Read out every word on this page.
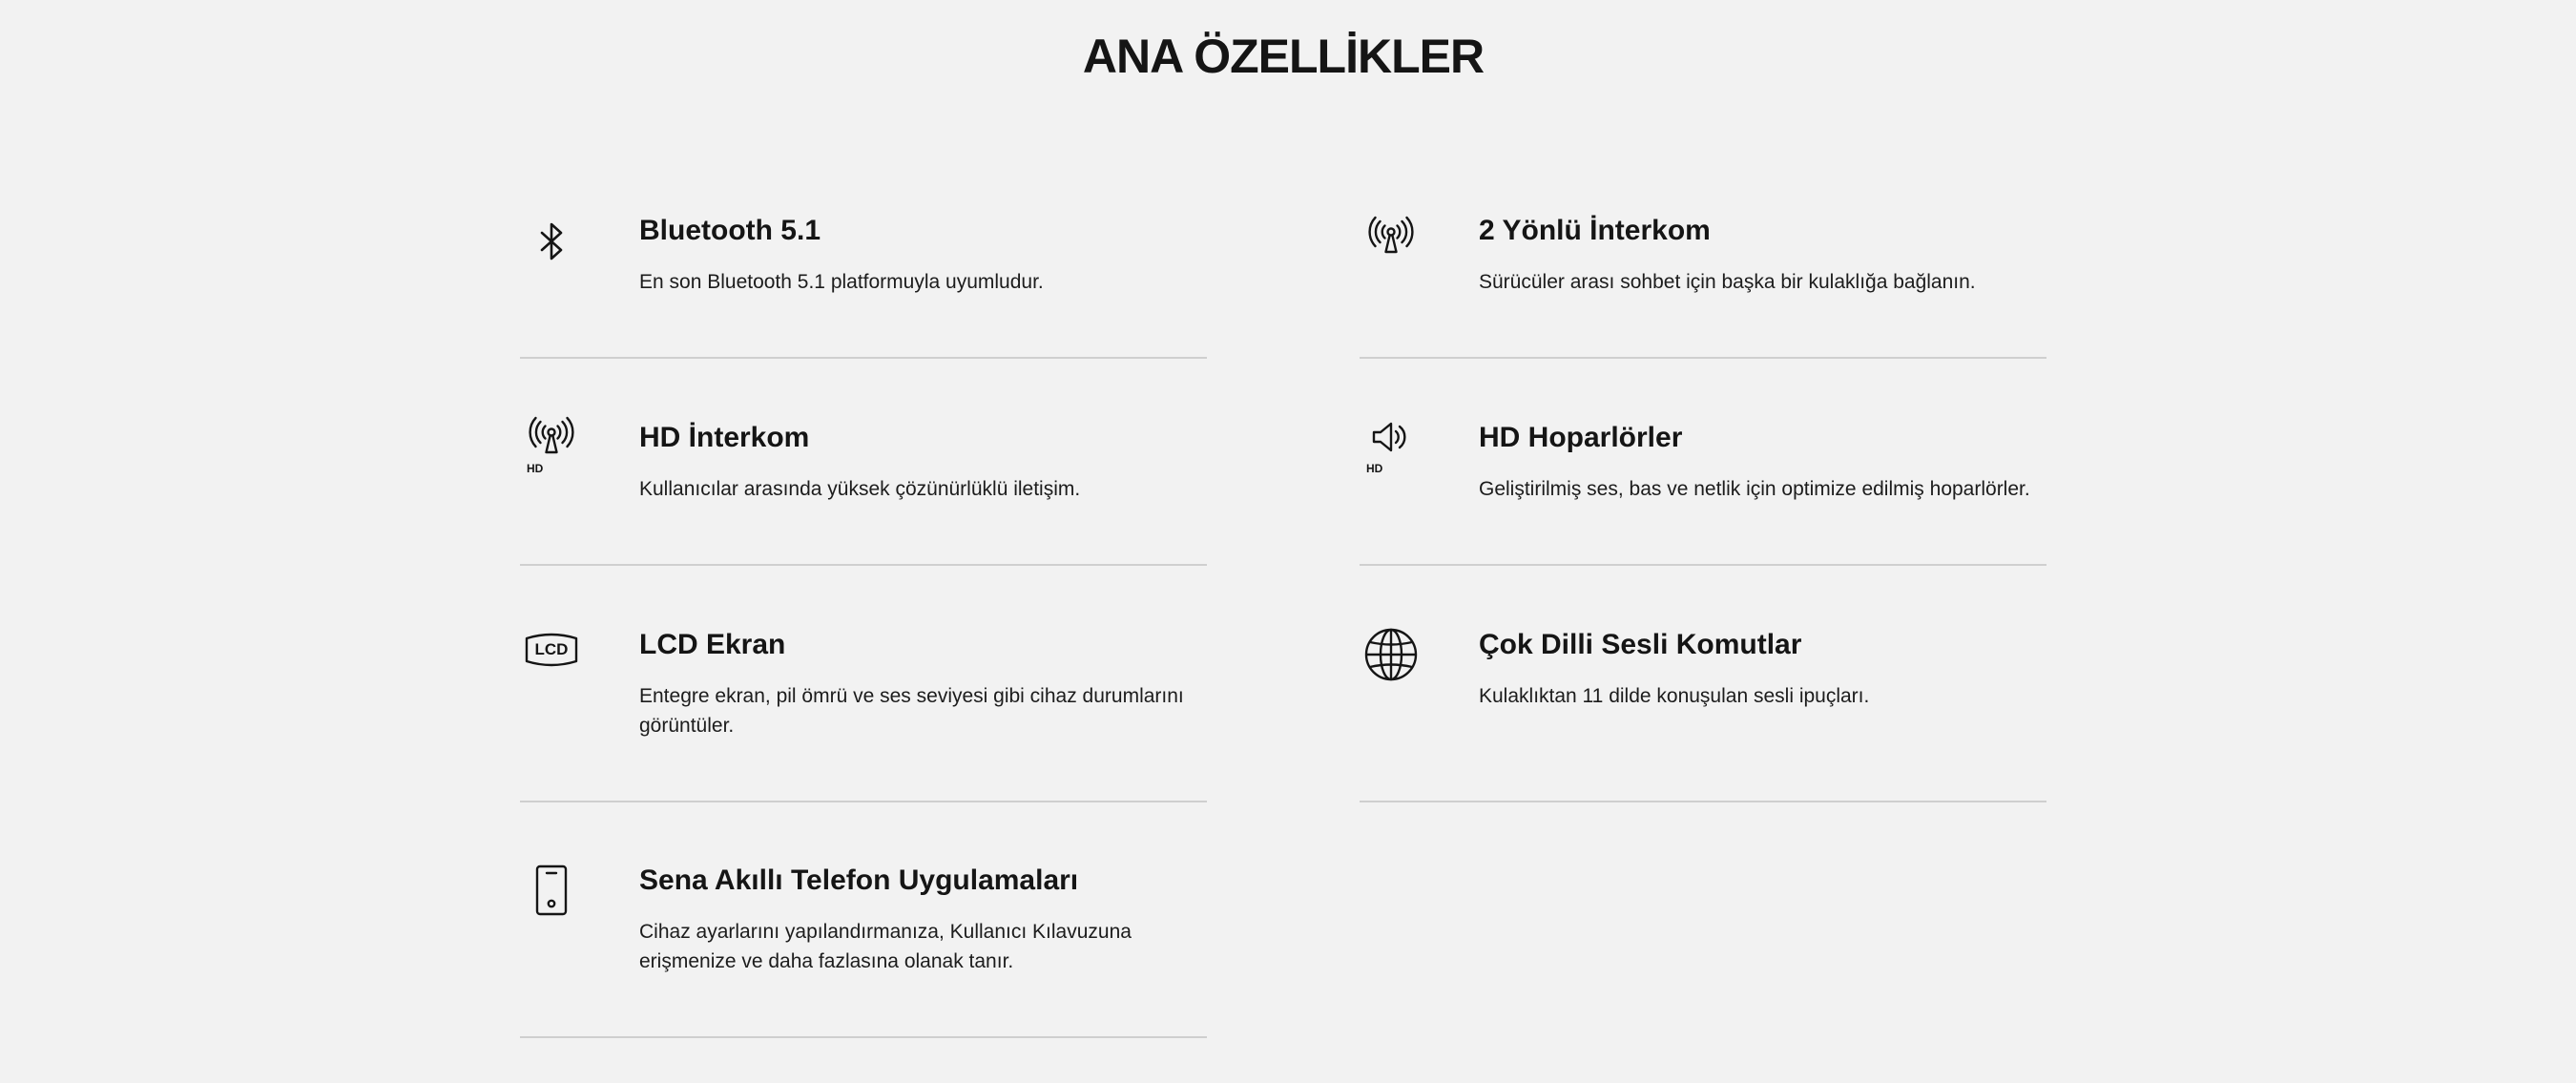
ANA ÖZELLİKLER
Bluetooth 5.1

En son Bluetooth 5.1 platformuyla uyumludur.

2 Yönlü İnterkom

Sürücüler arası sohbet için başka bir kulaklığa bağlanın.

HD
HD İnterkom

Kullanıcılar arasında yüksek çözünürlüklü iletişim.

HD
HD Hoparlörler

Geliştirilmiş ses, bas ve netlik için optimize edilmiş hoparlörler.

LCD LCD Ekran

Entegre ekran, pil ömrü ve ses seviyesi gibi cihaz durumlarını görüntüler.

Çok Dilli Sesli Komutlar

Kulaklıktan 11 dilde konuşulan sesli ipuçları.

Sena Akıllı Telefon Uygulamaları

Cihaz ayarlarını yapılandırmanıza, Kullanıcı Kılavuzuna erişmenize ve daha fazlasına olanak tanır.
